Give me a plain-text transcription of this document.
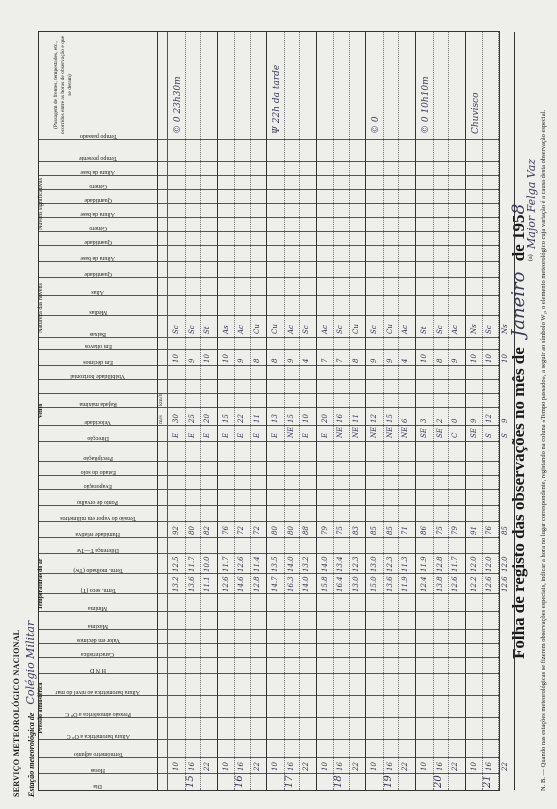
SERVIÇO METEOROLÓGICO NACIONAL Estação meteorológica de Colégio Militar
Folha de registo das observações no mês de Janeiro de 1958
Dia
Horas
Termómetro adjunto
Altura barométrica a O° C
Pressão atmosférica a O° C
Altura barométrica ao nível do mar
H N D
Característica
Valor em décimos
Máxima
Mínima
Term. seco (T)
Term. molhado (Tw)
Diferença T—Tw
Humidade relativa
Tensão do vapor em milímetros
Ponto de orvalho
Evaporação
Estado do solo
Precipitação
Direcção
Velocidade
Rajada máxima
Visibilidade horizontal
Em décimos
Em oitavos
Baixas
Médias
Altas
Quantidade
Altura da base
Quantidade
Género
Altura da base
Quantidade
Género
Altura da base
Tempo presente
Tempo passado
Pressão atmosférica
Temperaturas do ar
Vento
Natureza das nuvens
Nuvens significativas
(Passagem de frentes, tempestades, etc., ocorridos entre as horas de observação e que se deram)
m/s
km/h
15
10
13.2
12.5
92
E
30
10
Sc
16
13.6
11.7
80
E
25
9
Sc
22
11.1
10.0
82
E
20
10
St
© 0 23h30m
16
10
12.6
11.7
76
E
15
10
As
16
14.6
12.6
72
E
22
9
Ac
22
12.8
11.4
72
E
11
8
Cu
17
10
14.7
13.5
80
E
13
8
Cu
16
16.3
14.0
80
NE
15
9
Ac
22
14.0
13.2
88
E
10
4
Sc
Ψ 22h da tarde
18
10
15.8
14.0
79
E
20
7
Ac
16
16.4
13.4
75
NE
16
7
Sc
22
13.0
12.3
83
NE
11
8
Cu
19
10
15.0
13.0
85
NE
12
9
Sc
16
13.6
12.3
85
NE
15
9
Cu
22
11.9
11.3
71
NE
6
4
Ac
© 0
20
10
12.4
11.9
86
SE
3
10
St
16
13.8
12.8
75
SE
2
8
Sc
22
12.6
11.7
79
C
0
9
Ac
© 0 10h10m
21
10
12.2
12.0
91
SE
9
10
Ns
16
12.6
12.0
76
S
12
10
Sc
22
12.6
12.0
85
S
9
10
Ns
Chuvisco	N. B. — Quando nas estações meteorológicas se fizerem observações especiais, indicar a hora no lugar correspondente, registando na coluna «Tempo passado», a seguir ao símbolo W₂, o elemento meteorológico cuja variação é a causa desta observação especial.
(a)
Major Felga Vaz
